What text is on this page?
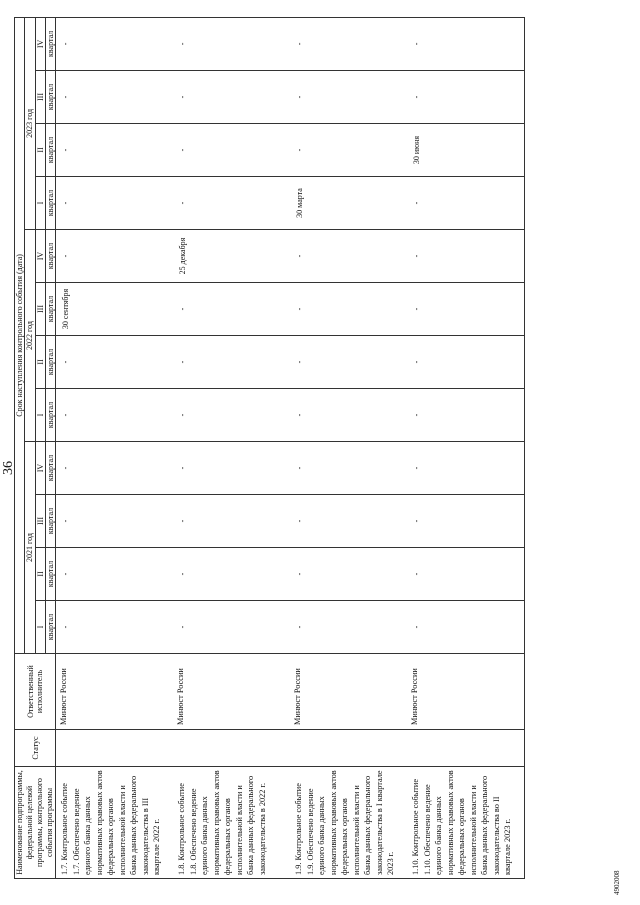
36
Наименование подпрограммы, федеральной целевой программы, контрольного события программы	Статус	Ответственный исполнитель	Срок наступления контрольного события (дата)											
			2021 год				2022 год				2023 год			
			I	II	III	IV	I	II	III	IV	I	II	III	IV
			квартал	квартал	квартал	квартал	квартал	квартал	квартал	квартал	квартал	квартал	квартал	квартал
1.7. Контрольное событие 1.7. Обеспечено ведение единого банка данных нормативных правовых актов федеральных органов исполнительной власти и банка данных федерального законодательства в III квартале 2022 г.		Минюст России	-	-	-	-	-	-	30 сентября	-	-	-	-	-
1.8. Контрольное событие 1.8. Обеспечено ведение единого банка данных нормативных правовых актов федеральных органов исполнительной власти и банка данных федерального законодательства в 2022 г.		Минюст России	-	-	-	-	-	-	-	25 декабря	-	-	-	-
1.9. Контрольное событие 1.9. Обеспечено ведение единого банка данных нормативных правовых актов федеральных органов исполнительной власти и банка данных федерального законодательства в I квартале 2023 г.		Минюст России	-	-	-	-	-	-	-	-	30 марта	-	-	-
1.10. Контрольное событие 1.10. Обеспечено ведение единого банка данных нормативных правовых актов федеральных органов исполнительной власти и банка данных федерального законодательства во II квартале 2023 г.		Минюст России	-	-	-	-	-	-	-	-	-	30 июня	-	-
4902008
